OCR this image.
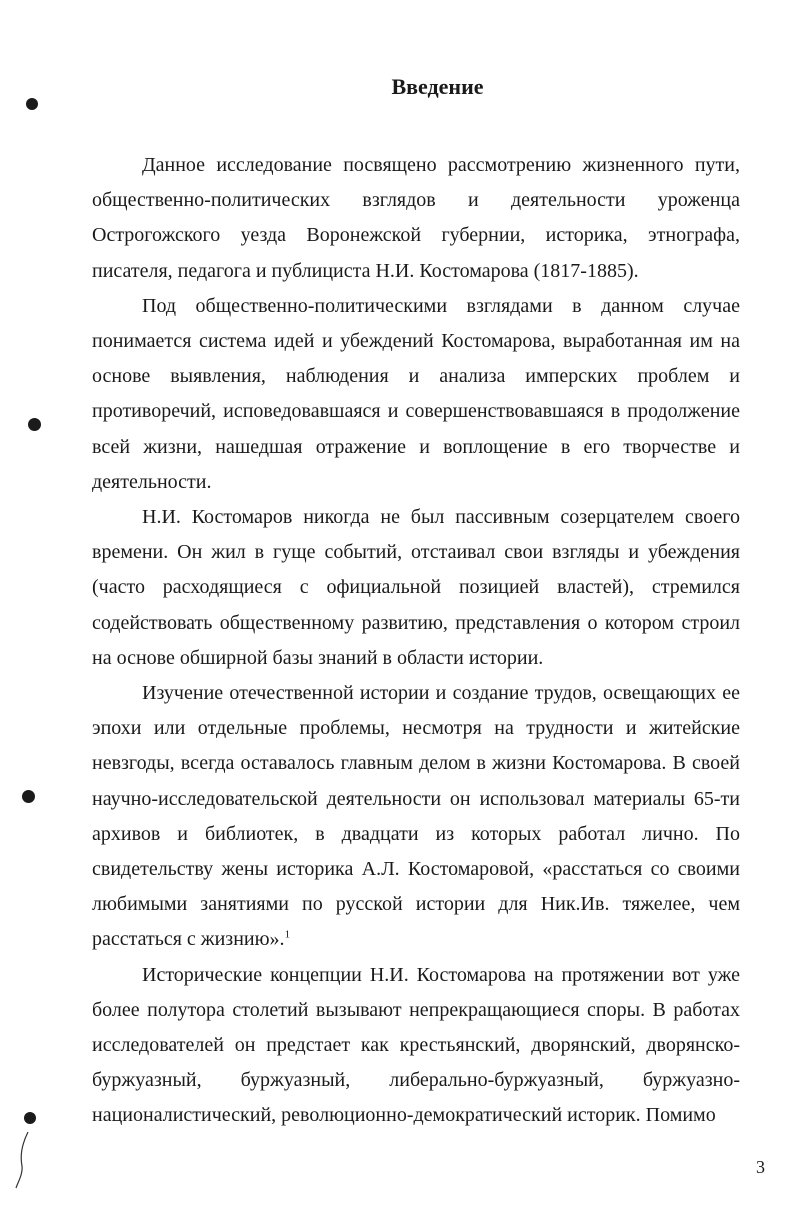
Введение

Данное исследование посвящено рассмотрению жизненного пути, общественно-политических взглядов и деятельности уроженца Острогожского уезда Воронежской губернии, историка, этнографа, писателя, педагога и публициста Н.И. Костомарова (1817-1885).

Под общественно-политическими взглядами в данном случае понимается система идей и убеждений Костомарова, выработанная им на основе выявления, наблюдения и анализа имперских проблем и противоречий, исповедовавшаяся и совершенствовавшаяся в продолжение всей жизни, нашедшая отражение и воплощение в его творчестве и деятельности.

Н.И. Костомаров никогда не был пассивным созерцателем своего времени. Он жил в гуще событий, отстаивал свои взгляды и убеждения (часто расходящиеся с официальной позицией властей), стремился содействовать общественному развитию, представления о котором строил на основе обширной базы знаний в области истории.

Изучение отечественной истории и создание трудов, освещающих ее эпохи или отдельные проблемы, несмотря на трудности и житейские невзгоды, всегда оставалось главным делом в жизни Костомарова. В своей научно-исследовательской деятельности он использовал материалы 65-ти архивов и библиотек, в двадцати из которых работал лично. По свидетельству жены историка А.Л. Костомаровой, «расстаться со своими любимыми занятиями по русской истории для Ник.Ив. тяжелее, чем расстаться с жизнию».$^1$

Исторические концепции Н.И. Костомарова на протяжении вот уже более полутора столетий вызывают непрекращающиеся споры. В работах исследователей он предстает как крестьянский, дворянский, дворянско-буржуазный, буржуазный, либерально-буржуазный, буржуазно-националистический, революционно-демократический историк. Помимо

3
